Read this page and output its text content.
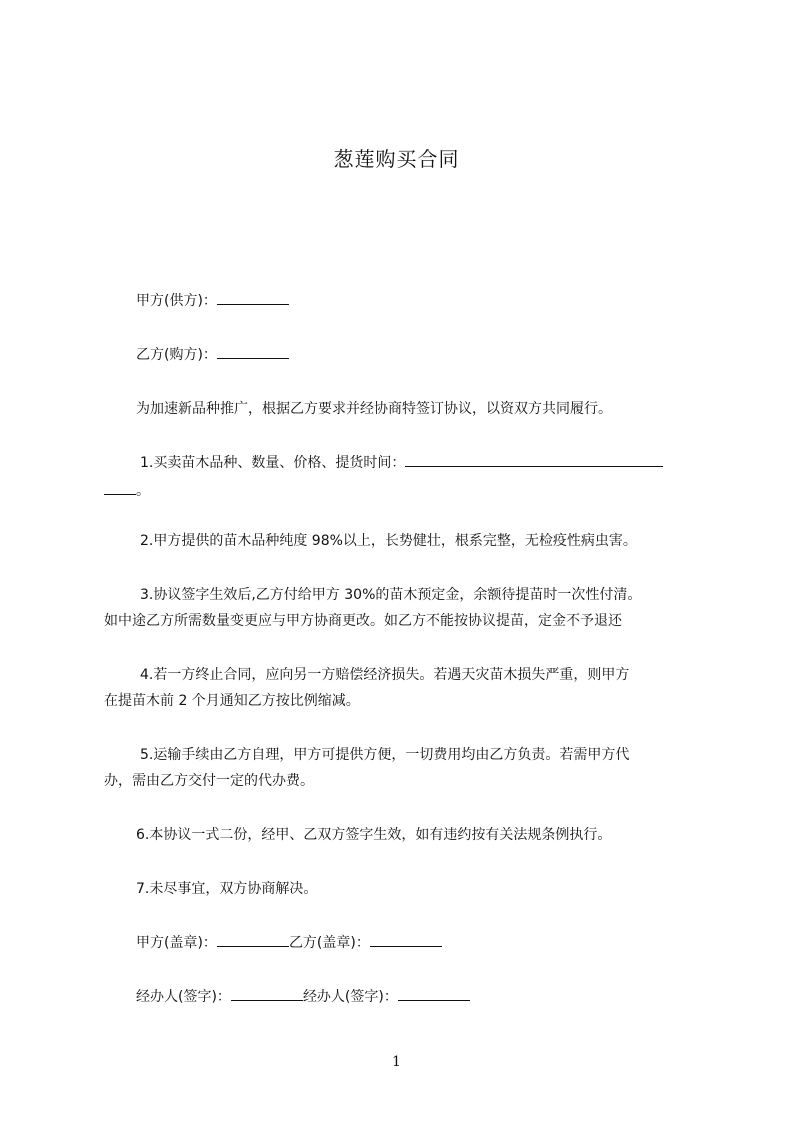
葱莲购买合同
甲方(供方)：
乙方(购方)：
为加速新品种推广，根据乙方要求并经协商特签订协议，以资双方共同履行。
1.买卖苗木品种、数量、价格、提货时间：
。
2.甲方提供的苗木品种纯度 98%以上，长势健壮，根系完整，无检疫性病虫害。
3.协议签字生效后,乙方付给甲方 30%的苗木预定金，余额待提苗时一次性付清。
如中途乙方所需数量变更应与甲方协商更改。如乙方不能按协议提苗，定金不予退还
4.若一方终止合同，应向另一方赔偿经济损失。若遇天灾苗木损失严重，则甲方
在提苗木前 2 个月通知乙方按比例缩减。
5.运输手续由乙方自理，甲方可提供方便，一切费用均由乙方负责。若需甲方代
办，需由乙方交付一定的代办费。
6.本协议一式二份，经甲、乙双方签字生效，如有违约按有关法规条例执行。
7.未尽事宜，双方协商解决。
甲方(盖章)：	乙方(盖章)：
经办人(签字)：	经办人(签字)：
1
